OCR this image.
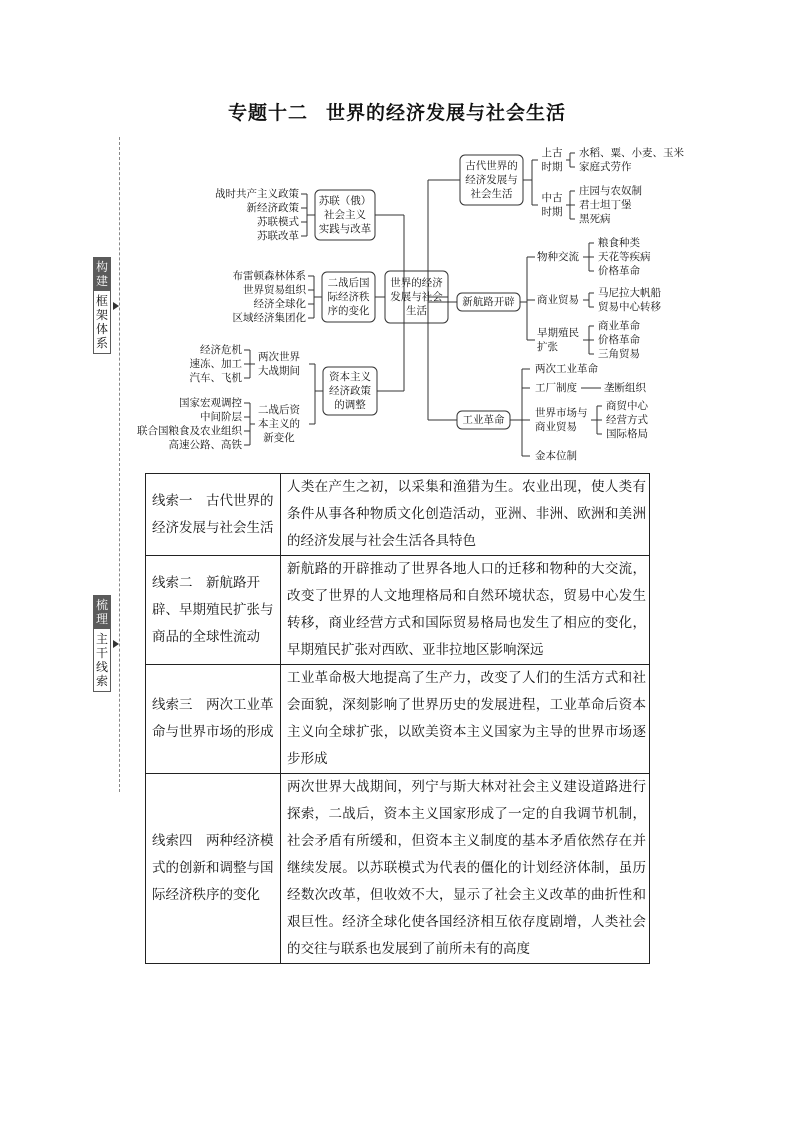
专题十二 世界的经济发展与社会生活
构建
框架体系
梳理
主干线索
世界的经济
发展与社会
生活
战时共产主义政策
新经济政策
苏联模式
苏联改革
苏联（俄）
社会主义
实践与改革
布雷顿森林体系
世界贸易组织
经济全球化
区域经济集团化
二战后国
际经济秩
序的变化
资本主义
经济政策
的调整
两次世界
大战期间
经济危机
速冻、加工
汽车、飞机
二战后资
本主义的
新变化
国家宏观调控
中间阶层
联合国粮食及农业组织
高速公路、高铁
古代世界的
经济发展与
社会生活
上古
时期
水稻、粟、小麦、玉米
家庭式劳作
中古
时期
庄园与农奴制
君士坦丁堡
黑死病
新航路开辟
物种交流
粮食种类
天花等疾病
价格革命
商业贸易
马尼拉大帆船
贸易中心转移
早期殖民
扩张
商业革命
价格革命
三角贸易
工业革命
两次工业革命
工厂制度	垄断组织
世界市场与
商业贸易
商贸中心
经营方式
国际格局
金本位制
线索一　古代世界的经济发展与社会生活	人类在产生之初，以采集和渔猎为生。农业出现，使人类有条件从事各种物质文化创造活动，亚洲、非洲、欧洲和美洲的经济发展与社会生活各具特色
线索二　新航路开辟、早期殖民扩张与商品的全球性流动	新航路的开辟推动了世界各地人口的迁移和物种的大交流，改变了世界的人文地理格局和自然环境状态，贸易中心发生转移，商业经营方式和国际贸易格局也发生了相应的变化，早期殖民扩张对西欧、亚非拉地区影响深远
线索三　两次工业革命与世界市场的形成	工业革命极大地提高了生产力，改变了人们的生活方式和社会面貌，深刻影响了世界历史的发展进程，工业革命后资本主义向全球扩张，以欧美资本主义国家为主导的世界市场逐步形成
线索四　两种经济模式的创新和调整与国际经济秩序的变化	两次世界大战期间，列宁与斯大林对社会主义建设道路进行探索，二战后，资本主义国家形成了一定的自我调节机制，社会矛盾有所缓和，但资本主义制度的基本矛盾依然存在并继续发展。以苏联模式为代表的僵化的计划经济体制，虽历经数次改革，但收效不大，显示了社会主义改革的曲折性和艰巨性。经济全球化使各国经济相互依存度剧增，人类社会的交往与联系也发展到了前所未有的高度
